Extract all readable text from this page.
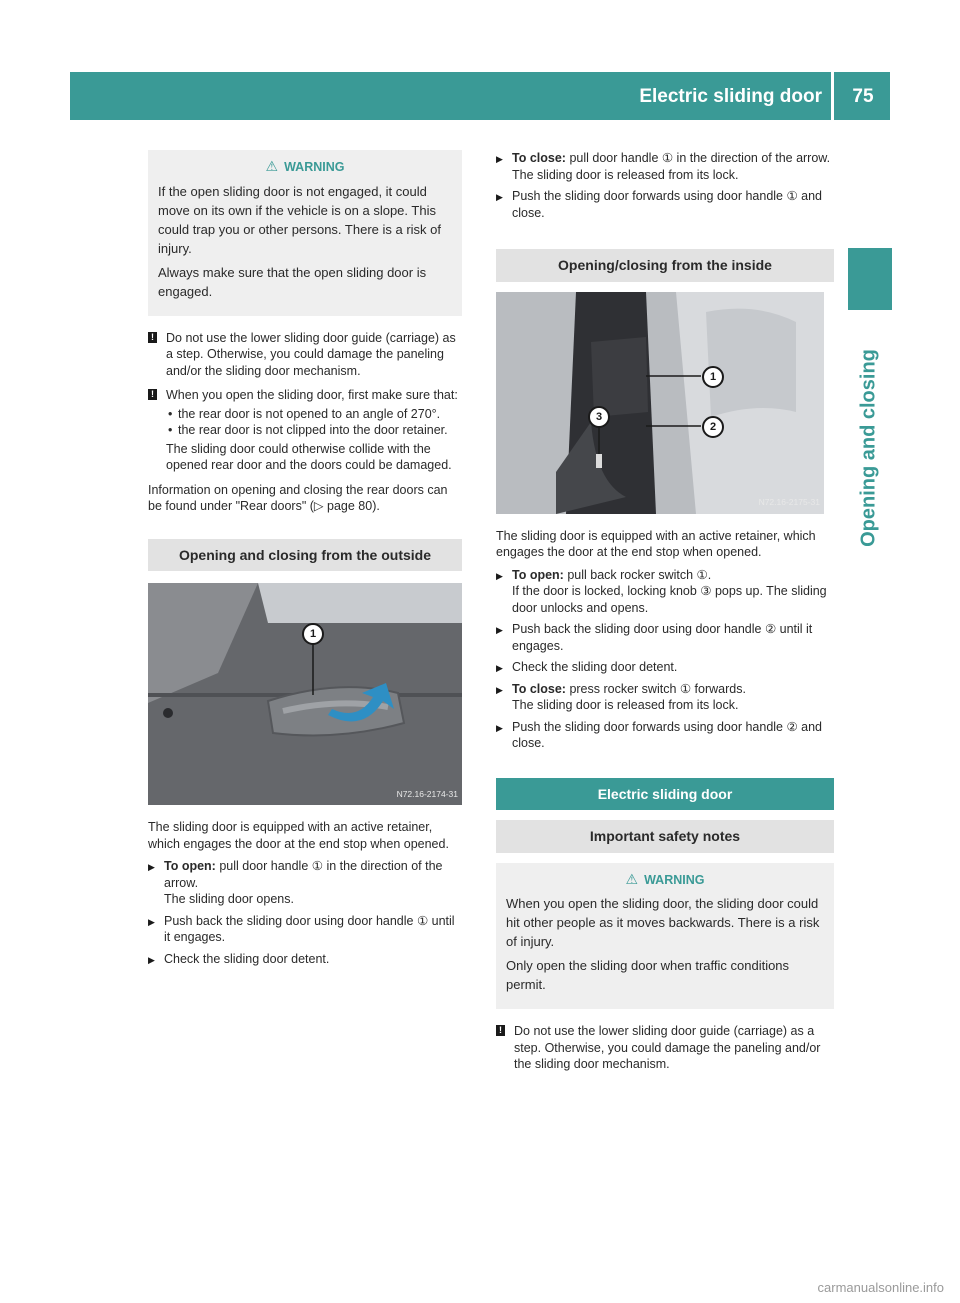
Electric sliding door	75
Opening and closing
⚠ WARNING

If the open sliding door is not engaged, it could move on its own if the vehicle is on a slope. This could trap you or other persons. There is a risk of injury.

Always make sure that the open sliding door is engaged.

! Do not use the lower sliding door guide (carriage) as a step. Otherwise, you could damage the paneling and/or the sliding door mechanism.

! When you open the sliding door, first make sure that:

• the rear door is not opened to an angle of 270°.
• the rear door is not clipped into the door retainer.

The sliding door could otherwise collide with the opened rear door and the doors could be damaged.

Information on opening and closing the rear doors can be found under "Rear doors" (▷ page 80).

Opening and closing from the outside
1
N72.16-2174-31

The sliding door is equipped with an active retainer, which engages the door at the end stop when opened.

▶ To open: pull door handle ① in the direction of the arrow.
The sliding door opens.
▶ Push back the sliding door using door handle ① until it engages.
▶ Check the sliding door detent.
▶ To close: pull door handle ① in the direction of the arrow.
The sliding door is released from its lock.
▶ Push the sliding door forwards using door handle ① and close.
Opening/closing from the inside
1
2
3
N72.16-2175-31

The sliding door is equipped with an active retainer, which engages the door at the end stop when opened.

▶ To open: pull back rocker switch ①.
If the door is locked, locking knob ③ pops up. The sliding door unlocks and opens.
▶ Push back the sliding door using door handle ② until it engages.
▶ Check the sliding door detent.
▶ To close: press rocker switch ① forwards.
The sliding door is released from its lock.
▶ Push the sliding door forwards using door handle ② and close.
Electric sliding door
Important safety notes
⚠ WARNING

When you open the sliding door, the sliding door could hit other people as it moves backwards. There is a risk of injury.

Only open the sliding door when traffic conditions permit.

! Do not use the lower sliding door guide (carriage) as a step. Otherwise, you could damage the paneling and/or the sliding door mechanism.

carmanualsonline.info
